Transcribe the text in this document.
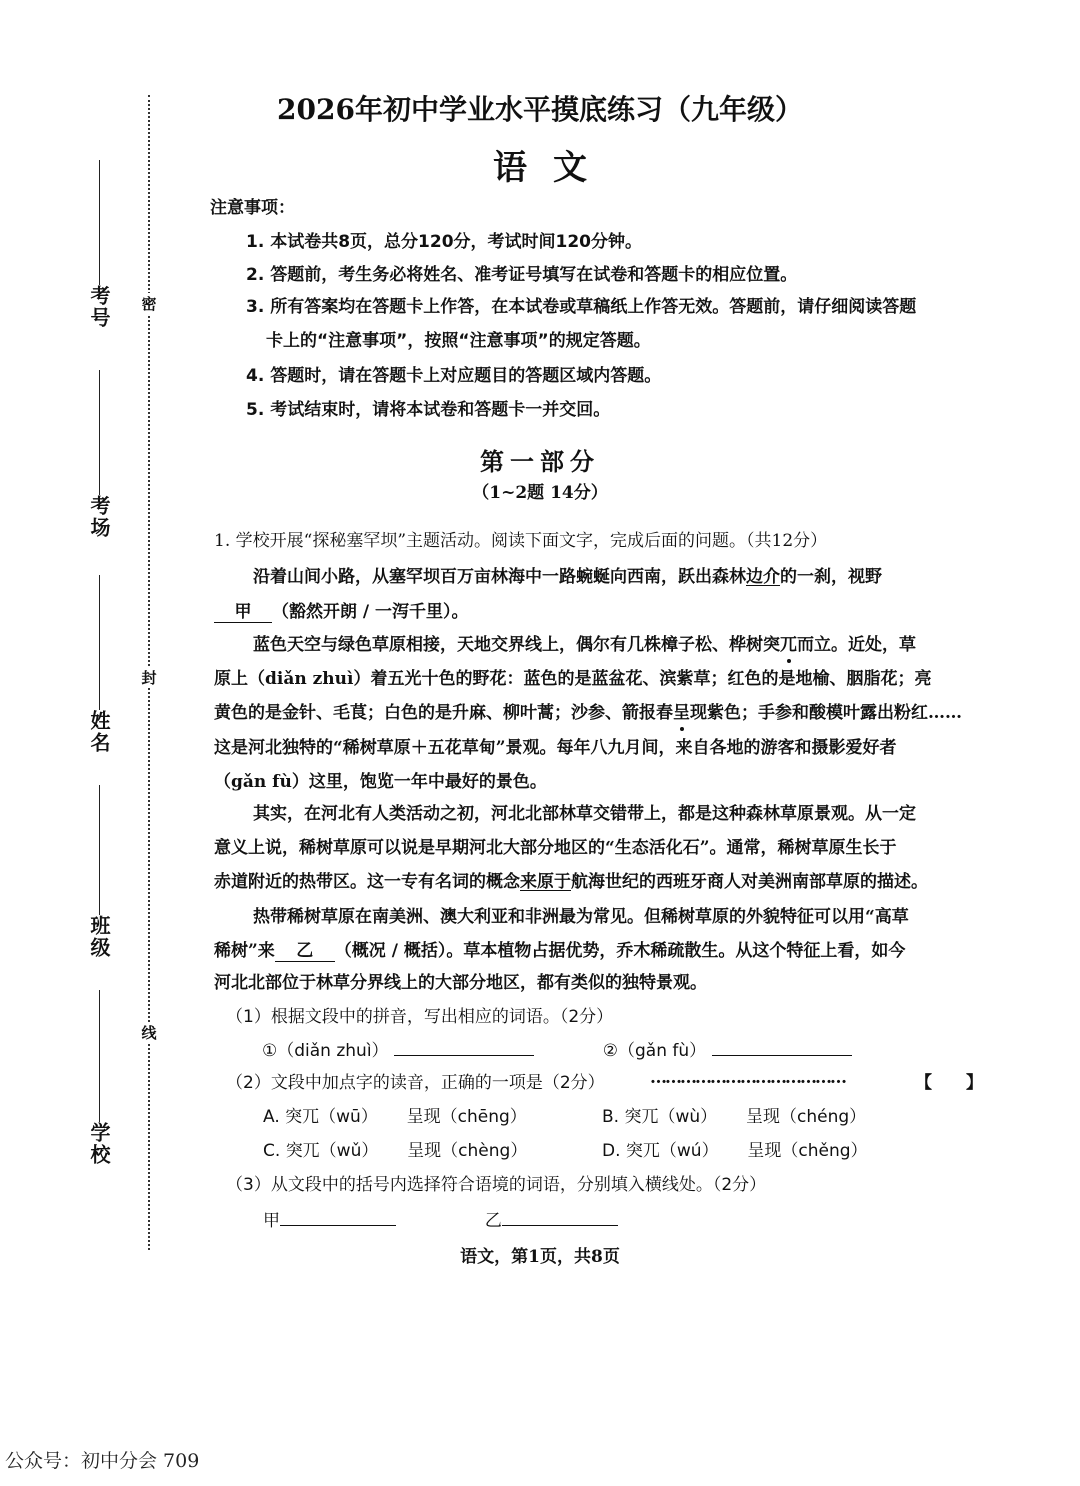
考号
考场
姓名
班级
学校
密
封
线
2026年初中学业水平摸底练习（九年级）
语文
注意事项：
1. 本试卷共8页，总分120分，考试时间120分钟。
2. 答题前，考生务必将姓名、准考证号填写在试卷和答题卡的相应位置。
3. 所有答案均在答题卡上作答，在本试卷或草稿纸上作答无效。答题前，请仔细阅读答题
卡上的“注意事项”，按照“注意事项”的规定答题。
4. 答题时，请在答题卡上对应题目的答题区域内答题。
5. 考试结束时，请将本试卷和答题卡一并交回。
第一部分
（1~2题 14分）
1. 学校开展“探秘塞罕坝”主题活动。阅读下面文字，完成后面的问题。（共12分）
沿着山间小路，从塞罕坝百万亩林海中一路蜿蜒向西南，跃出森林边介的一刹，视野
甲 （豁然开朗 / 一泻千里）。
蓝色天空与绿色草原相接，天地交界线上，偶尔有几株樟子松、桦树突兀而立。近处，草
原上（diǎn zhuì）着五光十色的野花：蓝色的是蓝盆花、滨紫草；红色的是地榆、胭脂花；亮
黄色的是金针、毛茛；白色的是升麻、柳叶蒿；沙参、箭报春呈现紫色；手参和酸模叶露出粉红……
这是河北独特的“稀树草原＋五花草甸”景观。每年八九月间，来自各地的游客和摄影爱好者
（gǎn fù）这里，饱览一年中最好的景色。
其实，在河北有人类活动之初，河北北部林草交错带上，都是这种森林草原景观。从一定
意义上说，稀树草原可以说是早期河北大部分地区的“生态活化石”。通常，稀树草原生长于
赤道附近的热带区。这一专有名词的概念来原于航海世纪的西班牙商人对美洲南部草原的描述。
热带稀树草原在南美洲、澳大利亚和非洲最为常见。但稀树草原的外貌特征可以用“高草
稀树”来 乙 （概况 / 概括）。草本植物占据优势，乔木稀疏散生。从这个特征上看，如今
河北北部位于林草分界线上的大部分地区，都有类似的独特景观。
（1）根据文段中的拼音，写出相应的词语。（2分）
①（diǎn zhuì）	②（gǎn fù）
（2）文段中加点字的读音，正确的一项是（2分）	…………………………………	【　　】
A. 突兀（wū） 呈现（chēng）	B. 突兀（wù） 呈现（chéng）
C. 突兀（wǔ） 呈现（chèng）	D. 突兀（wú） 呈现（chěng）
（3）从文段中的括号内选择符合语境的词语，分别填入横线处。（2分）
甲	乙
语文，第1页，共8页
公众号：初中分会 709
